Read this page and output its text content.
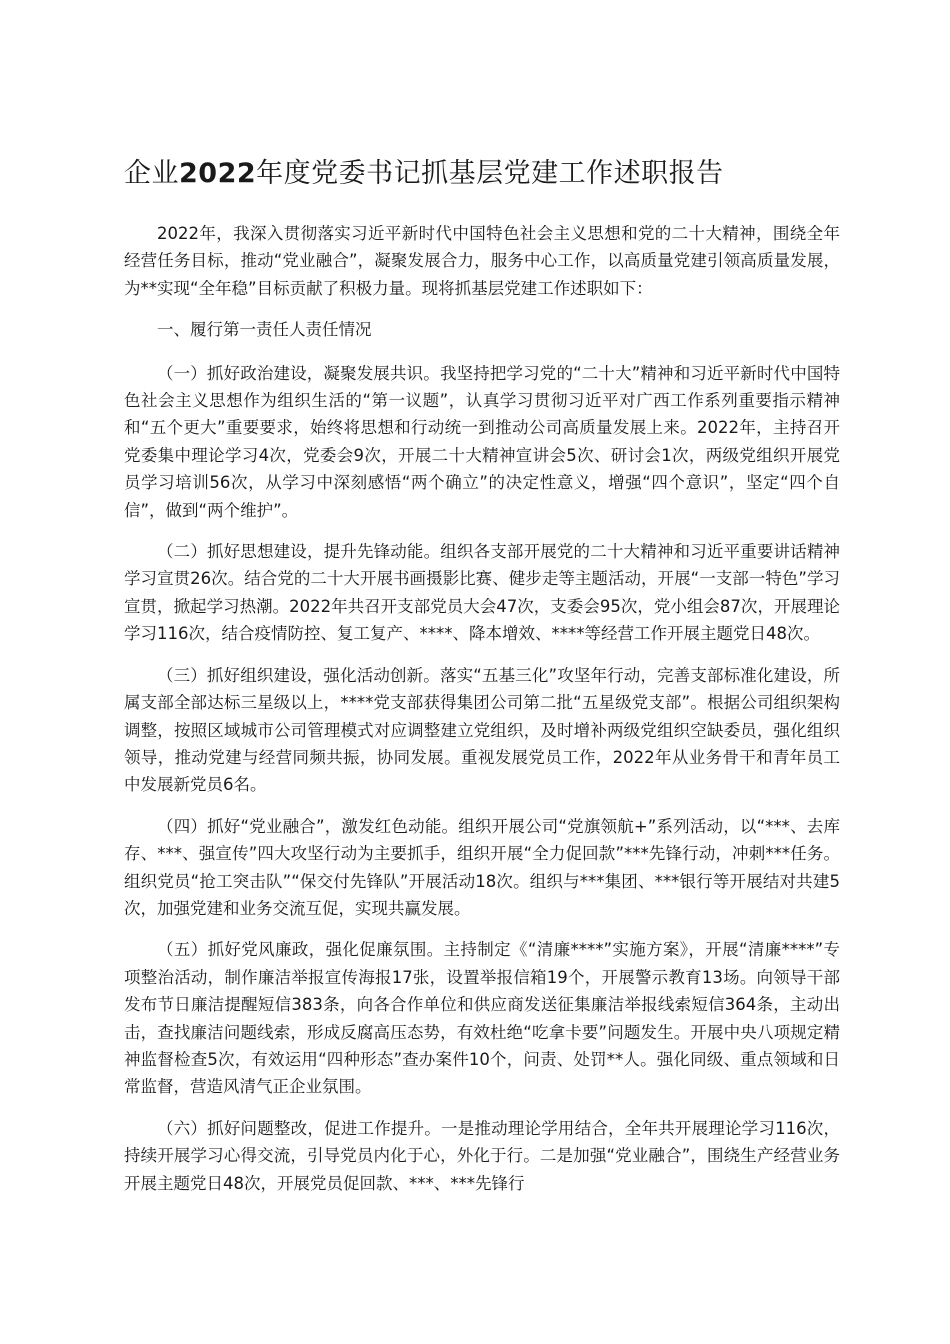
企业2022年度党委书记抓基层党建工作述职报告

2022年，我深入贯彻落实习近平新时代中国特色社会主义思想和党的二十大精神，围绕全年经营任务目标，推动“党业融合”，凝聚发展合力，服务中心工作，以高质量党建引领高质量发展，为**实现“全年稳”目标贡献了积极力量。现将抓基层党建工作述职如下：

一、履行第一责任人责任情况

（一）抓好政治建设，凝聚发展共识。我坚持把学习党的“二十大”精神和习近平新时代中国特色社会主义思想作为组织生活的“第一议题”，认真学习贯彻习近平对广西工作系列重要指示精神和“五个更大”重要要求，始终将思想和行动统一到推动公司高质量发展上来。2022年，主持召开党委集中理论学习4次，党委会9次，开展二十大精神宣讲会5次、研讨会1次，两级党组织开展党员学习培训56次，从学习中深刻感悟“两个确立”的决定性意义，增强“四个意识”，坚定“四个自信”，做到“两个维护”。

（二）抓好思想建设，提升先锋动能。组织各支部开展党的二十大精神和习近平重要讲话精神学习宣贯26次。结合党的二十大开展书画摄影比赛、健步走等主题活动，开展“一支部一特色”学习宣贯，掀起学习热潮。2022年共召开支部党员大会47次，支委会95次，党小组会87次，开展理论学习116次，结合疫情防控、复工复产、****、降本增效、****等经营工作开展主题党日48次。

（三）抓好组织建设，强化活动创新。落实“五基三化”攻坚年行动，完善支部标准化建设，所属支部全部达标三星级以上，****党支部获得集团公司第二批“五星级党支部”。根据公司组织架构调整，按照区域城市公司管理模式对应调整建立党组织，及时增补两级党组织空缺委员，强化组织领导，推动党建与经营同频共振，协同发展。重视发展党员工作，2022年从业务骨干和青年员工中发展新党员6名。

（四）抓好“党业融合”，激发红色动能。组织开展公司“党旗领航+”系列活动，以“***、去库存、***、强宣传”四大攻坚行动为主要抓手，组织开展“全力促回款”***先锋行动，冲刺***任务。组织党员“抢工突击队”“保交付先锋队”开展活动18次。组织与***集团、***银行等开展结对共建5次，加强党建和业务交流互促，实现共赢发展。

（五）抓好党风廉政，强化促廉氛围。主持制定《“清廉****”实施方案》，开展“清廉****”专项整治活动，制作廉洁举报宣传海报17张，设置举报信箱19个，开展警示教育13场。向领导干部发布节日廉洁提醒短信383条，向各合作单位和供应商发送征集廉洁举报线索短信364条，主动出击，查找廉洁问题线索，形成反腐高压态势，有效杜绝“吃拿卡要”问题发生。开展中央八项规定精神监督检查5次，有效运用“四种形态”查办案件10个，问责、处罚**人。强化同级、重点领域和日常监督，营造风清气正企业氛围。

（六）抓好问题整改，促进工作提升。一是推动理论学用结合，全年共开展理论学习116次，持续开展学习心得交流，引导党员内化于心，外化于行。二是加强“党业融合”，围绕生产经营业务开展主题党日48次，开展党员促回款、***、***先锋行
